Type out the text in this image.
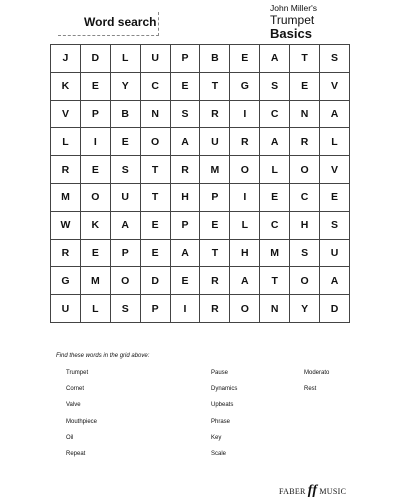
Word search
John Miller's
Trumpet
Basics
J	D	L	U	P	B	E	A	T	S
K	E	Y	C	E	T	G	S	E	V
V	P	B	N	S	R	I	C	N	A
L	I	E	O	A	U	R	A	R	L
R	E	S	T	R	M	O	L	O	V
M	O	U	T	H	P	I	E	C	E
W	K	A	E	P	E	L	C	H	S
R	E	P	E	A	T	H	M	S	U
G	M	O	D	E	R	A	T	O	A
U	L	S	P	I	R	O	N	Y	D
Find these words in the grid above:
Trumpet
Cornet
Valve
Mouthpiece
Oil
Repeat
Pause
Dynamics
Upbeats
Phrase
Key
Scale
Moderato
Rest
FABER ff MUSIC
